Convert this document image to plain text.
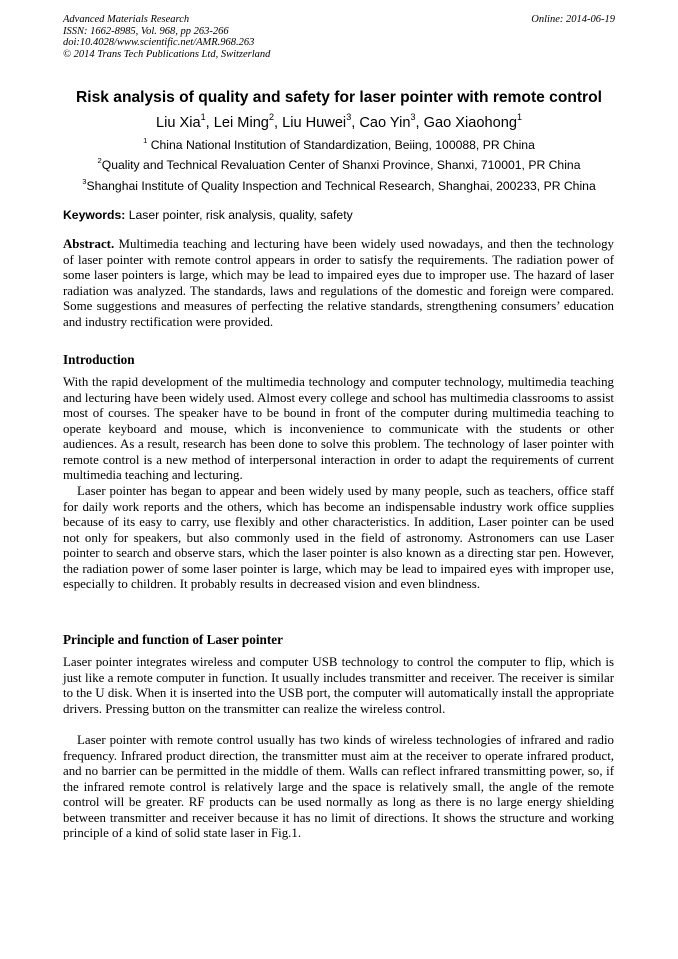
Advanced Materials Research
ISSN: 1662-8985, Vol. 968, pp 263-266
doi:10.4028/www.scientific.net/AMR.968.263
© 2014 Trans Tech Publications Ltd, Switzerland
Online: 2014-06-19
Risk analysis of quality and safety for laser pointer with remote control
Liu Xia$^1$, Lei Ming$^2$, Liu Huwei$^3$, Cao Yin$^3$, Gao Xiaohong$^1$
$^1$ China National Institution of Standardization, Beiing, 100088, PR China
$^2$Quality and Technical Revaluation Center of Shanxi Province, Shanxi, 710001, PR China
$^3$Shanghai Institute of Quality Inspection and Technical Research, Shanghai, 200233, PR China
Keywords: Laser pointer, risk analysis, quality, safety

Abstract. Multimedia teaching and lecturing have been widely used nowadays, and then the technology of laser pointer with remote control appears in order to satisfy the requirements. The radiation power of some laser pointers is large, which may be lead to impaired eyes due to improper use. The hazard of laser radiation was analyzed. The standards, laws and regulations of the domestic and foreign were compared. Some suggestions and measures of perfecting the relative standards, strengthening consumers’ education and industry rectification were provided.

Introduction

With the rapid development of the multimedia technology and computer technology, multimedia teaching and lecturing have been widely used. Almost every college and school has multimedia classrooms to assist most of courses. The speaker have to be bound in front of the computer during multimedia teaching to operate keyboard and mouse, which is inconvenience to communicate with the students or other audiences. As a result, research has been done to solve this problem. The technology of laser pointer with remote control is a new method of interpersonal interaction in order to adapt the requirements of current multimedia teaching and lecturing.

Laser pointer has began to appear and been widely used by many people, such as teachers, office staff for daily work reports and the others, which has become an indispensable industry work office supplies because of its easy to carry, use flexibly and other characteristics. In addition, Laser pointer can be used not only for speakers, but also commonly used in the field of astronomy. Astronomers can use Laser pointer to search and observe stars, which the laser pointer is also known as a directing star pen. However, the radiation power of some laser pointer is large, which may be lead to impaired eyes with improper use, especially to children. It probably results in decreased vision and even blindness.

Principle and function of Laser pointer

Laser pointer integrates wireless and computer USB technology to control the computer to flip, which is just like a remote computer in function. It usually includes transmitter and receiver. The receiver is similar to the U disk. When it is inserted into the USB port, the computer will automatically install the appropriate drivers. Pressing button on the transmitter can realize the wireless control.

Laser pointer with remote control usually has two kinds of wireless technologies of infrared and radio frequency. Infrared product direction, the transmitter must aim at the receiver to operate infrared product, and no barrier can be permitted in the middle of them. Walls can reflect infrared transmitting power, so, if the infrared remote control is relatively large and the space is relatively small, the angle of the remote control will be greater. RF products can be used normally as long as there is no large energy shielding between transmitter and receiver because it has no limit of directions. It shows the structure and working principle of a kind of solid state laser in Fig.1.
